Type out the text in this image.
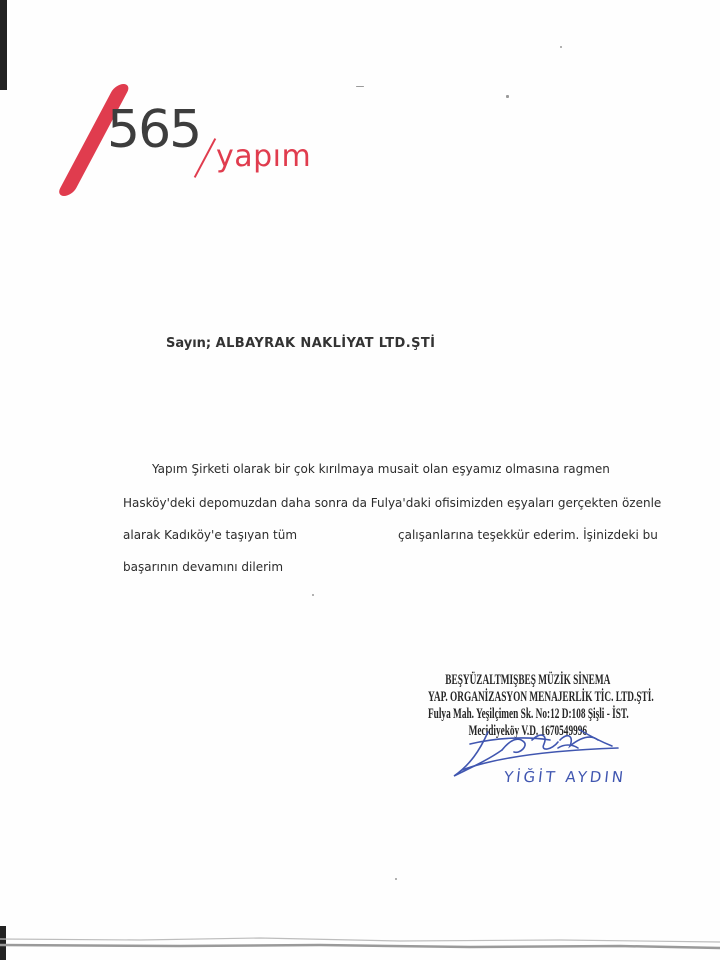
565 yapım
Sayın; ALBAYRAK NAKLİYAT LTD.ŞTİ
Yapım Şirketi olarak bir çok kırılmaya musait olan eşyamız olmasına ragmen
Hasköy'deki depomuzdan daha sonra da Fulya'daki ofisimizden eşyaları gerçekten özenle
alarak Kadıköy'e taşıyan tüm	çalışanlarına teşekkür ederim. İşinizdeki bu
başarının devamını dilerim
BEŞYÜZALTMIŞBEŞ MÜZİK SİNEMA
YAP. ORGANİZASYON MENAJERLİK TİC. LTD.ŞTİ.
Fulya Mah. Yeşilçimen Sk. No:12 D:108 Şişli - İST.
Mecidiyeköy V.D. 1670549996
YİĞİT AYDIN
